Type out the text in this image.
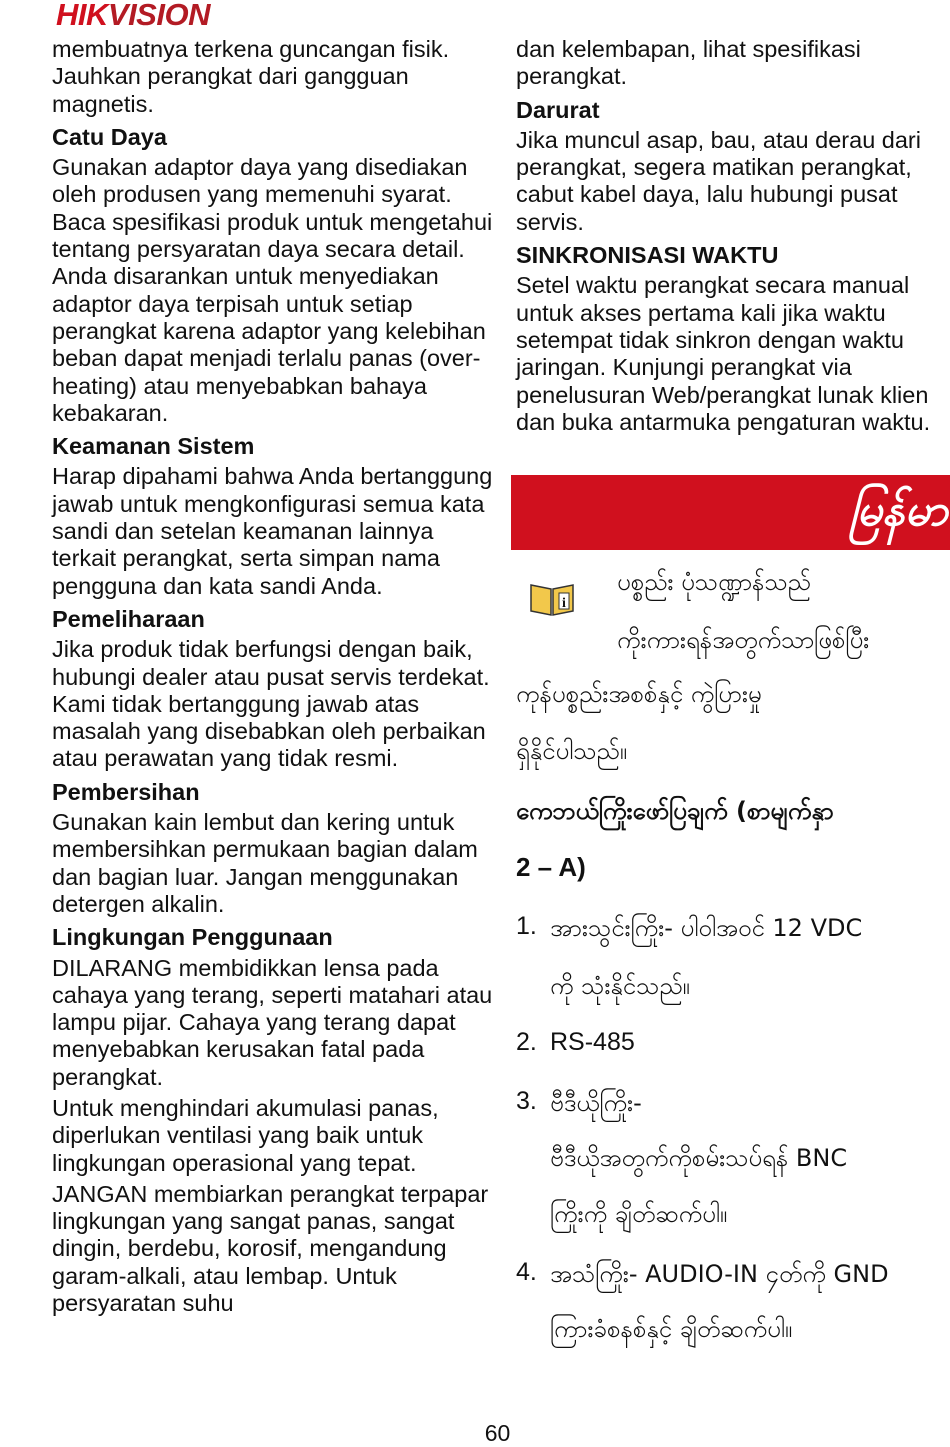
HIKVISION

membuatnya terkena guncangan fisik. Jauhkan perangkat dari gangguan magnetis.

Catu Daya

Gunakan adaptor daya yang disediakan oleh produsen yang memenuhi syarat. Baca spesifikasi produk untuk mengetahui tentang persyaratan daya secara detail. Anda disarankan untuk menyediakan adaptor daya terpisah untuk setiap perangkat karena adaptor yang kelebihan beban dapat menjadi terlalu panas (over-heating) atau menyebabkan bahaya kebakaran.

Keamanan Sistem

Harap dipahami bahwa Anda bertanggung jawab untuk mengkonfigurasi semua kata sandi dan setelan keamanan lainnya terkait perangkat, serta simpan nama pengguna dan kata sandi Anda.

Pemeliharaan

Jika produk tidak berfungsi dengan baik, hubungi dealer atau pusat servis terdekat. Kami tidak bertanggung jawab atas masalah yang disebabkan oleh perbaikan atau perawatan yang tidak resmi.

Pembersihan

Gunakan kain lembut dan kering untuk membersihkan permukaan bagian dalam dan bagian luar. Jangan menggunakan detergen alkalin.

Lingkungan Penggunaan

DILARANG membidikkan lensa pada cahaya yang terang, seperti matahari atau lampu pijar. Cahaya yang terang dapat menyebabkan kerusakan fatal pada perangkat.

Untuk menghindari akumulasi panas, diperlukan ventilasi yang baik untuk lingkungan operasional yang tepat.

JANGAN membiarkan perangkat terpapar lingkungan yang sangat panas, sangat dingin, berdebu, korosif, mengandung garam-alkali, atau lembap. Untuk persyaratan suhu

dan kelembapan, lihat spesifikasi perangkat.

Darurat

Jika muncul asap, bau, atau derau dari perangkat, segera matikan perangkat, cabut kabel daya, lalu hubungi pusat servis.

SINKRONISASI WAKTU

Setel waktu perangkat secara manual untuk akses pertama kali jika waktu setempat tidak sinkron dengan waktu jaringan. Kunjungi perangkat via penelusuran Web/perangkat lunak klien dan buka antarmuka pengaturan waktu.

မြန်မာ
i
ပစ္စည်း ပုံသဏ္ဍာန်သည်
ကိုးကားရန်အတွက်သာဖြစ်ပြီး
ကုန်ပစ္စည်းအစစ်နှင့် ကွဲပြားမှု
ရှိနိုင်ပါသည်။
ကေဘယ်ကြိုးဖော်ပြချက် (စာမျက်နှာ
2 – A)
1. အားသွင်းကြိုး- ပါဝါအဝင် 12 VDC
ကို သုံးနိုင်သည်။
2. RS-485
3. ဗီဒီယိုကြိုး-
ဗီဒီယိုအတွက်ကိုစမ်းသပ်ရန် BNC
ကြိုးကို ချိတ်ဆက်ပါ။
4. အသံကြိုး- AUDIO-IN ၄တ်ကို GND
ကြားခံစနစ်နှင့် ချိတ်ဆက်ပါ။
60
